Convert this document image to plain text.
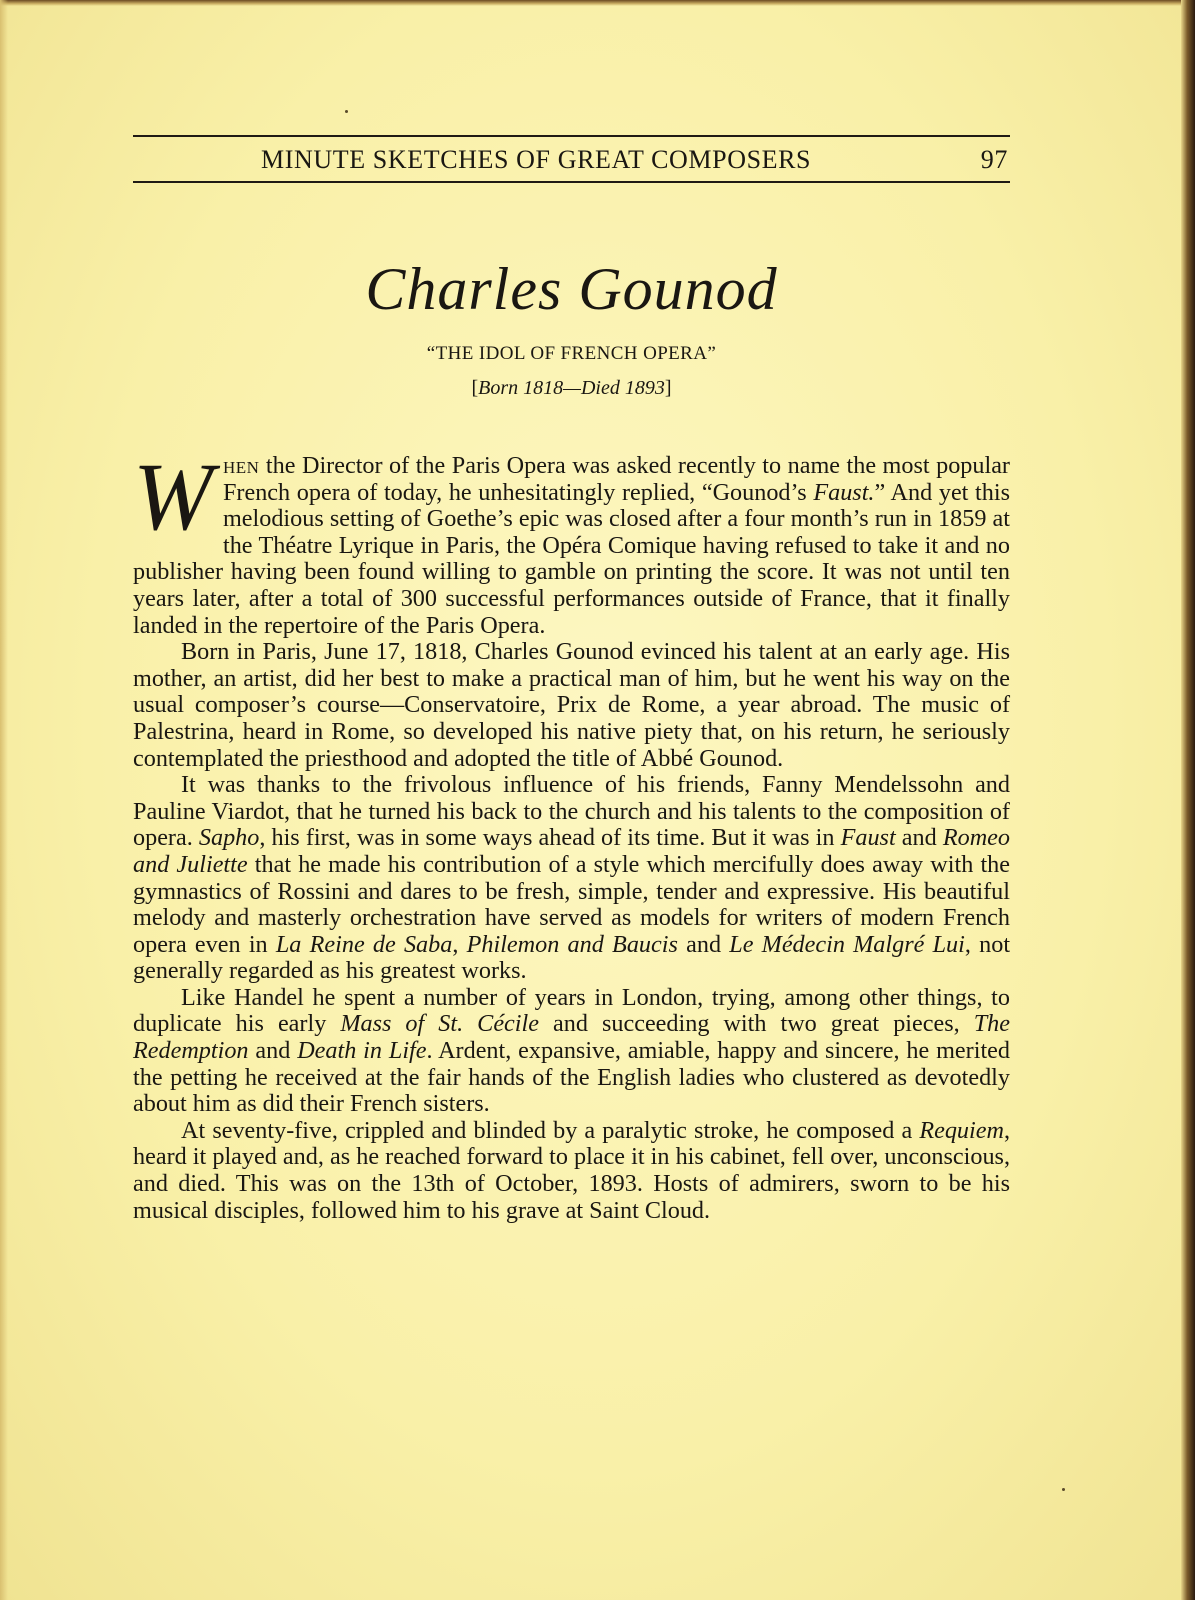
MINUTE SKETCHES OF GREAT COMPOSERS	97
Charles Gounod
“THE IDOL OF FRENCH OPERA”
[Born 1818—Died 1893]

When the Director of the Paris Opera was asked recently to name the most popular French opera of today, he unhesitatingly replied, “Gounod’s Faust.” And yet this melodious setting of Goethe’s epic was closed after a four month’s run in 1859 at the Théatre Lyrique in Paris, the Opéra Comique having refused to take it and no publisher having been found willing to gamble on printing the score. It was not until ten years later, after a total of 300 successful performances outside of France, that it finally landed in the repertoire of the Paris Opera.

Born in Paris, June 17, 1818, Charles Gounod evinced his talent at an early age. His mother, an artist, did her best to make a practical man of him, but he went his way on the usual composer’s course—Conservatoire, Prix de Rome, a year abroad. The music of Palestrina, heard in Rome, so developed his native piety that, on his return, he seriously contemplated the priesthood and adopted the title of Abbé Gounod.

It was thanks to the frivolous influence of his friends, Fanny Mendelssohn and Pauline Viardot, that he turned his back to the church and his talents to the composition of opera. Sapho, his first, was in some ways ahead of its time. But it was in Faust and Romeo and Juliette that he made his contribution of a style which mercifully does away with the gymnastics of Rossini and dares to be fresh, simple, tender and expressive. His beautiful melody and masterly orchestration have served as models for writers of modern French opera even in La Reine de Saba, Philemon and Baucis and Le Médecin Malgré Lui, not generally regarded as his greatest works.

Like Handel he spent a number of years in London, trying, among other things, to duplicate his early Mass of St. Cécile and succeeding with two great pieces, The Redemption and Death in Life. Ardent, expansive, amiable, happy and sincere, he merited the petting he received at the fair hands of the English ladies who clustered as devotedly about him as did their French sisters.

At seventy-five, crippled and blinded by a paralytic stroke, he composed a Requiem, heard it played and, as he reached forward to place it in his cabinet, fell over, unconscious, and died. This was on the 13th of October, 1893. Hosts of admirers, sworn to be his musical disciples, followed him to his grave at Saint Cloud.
